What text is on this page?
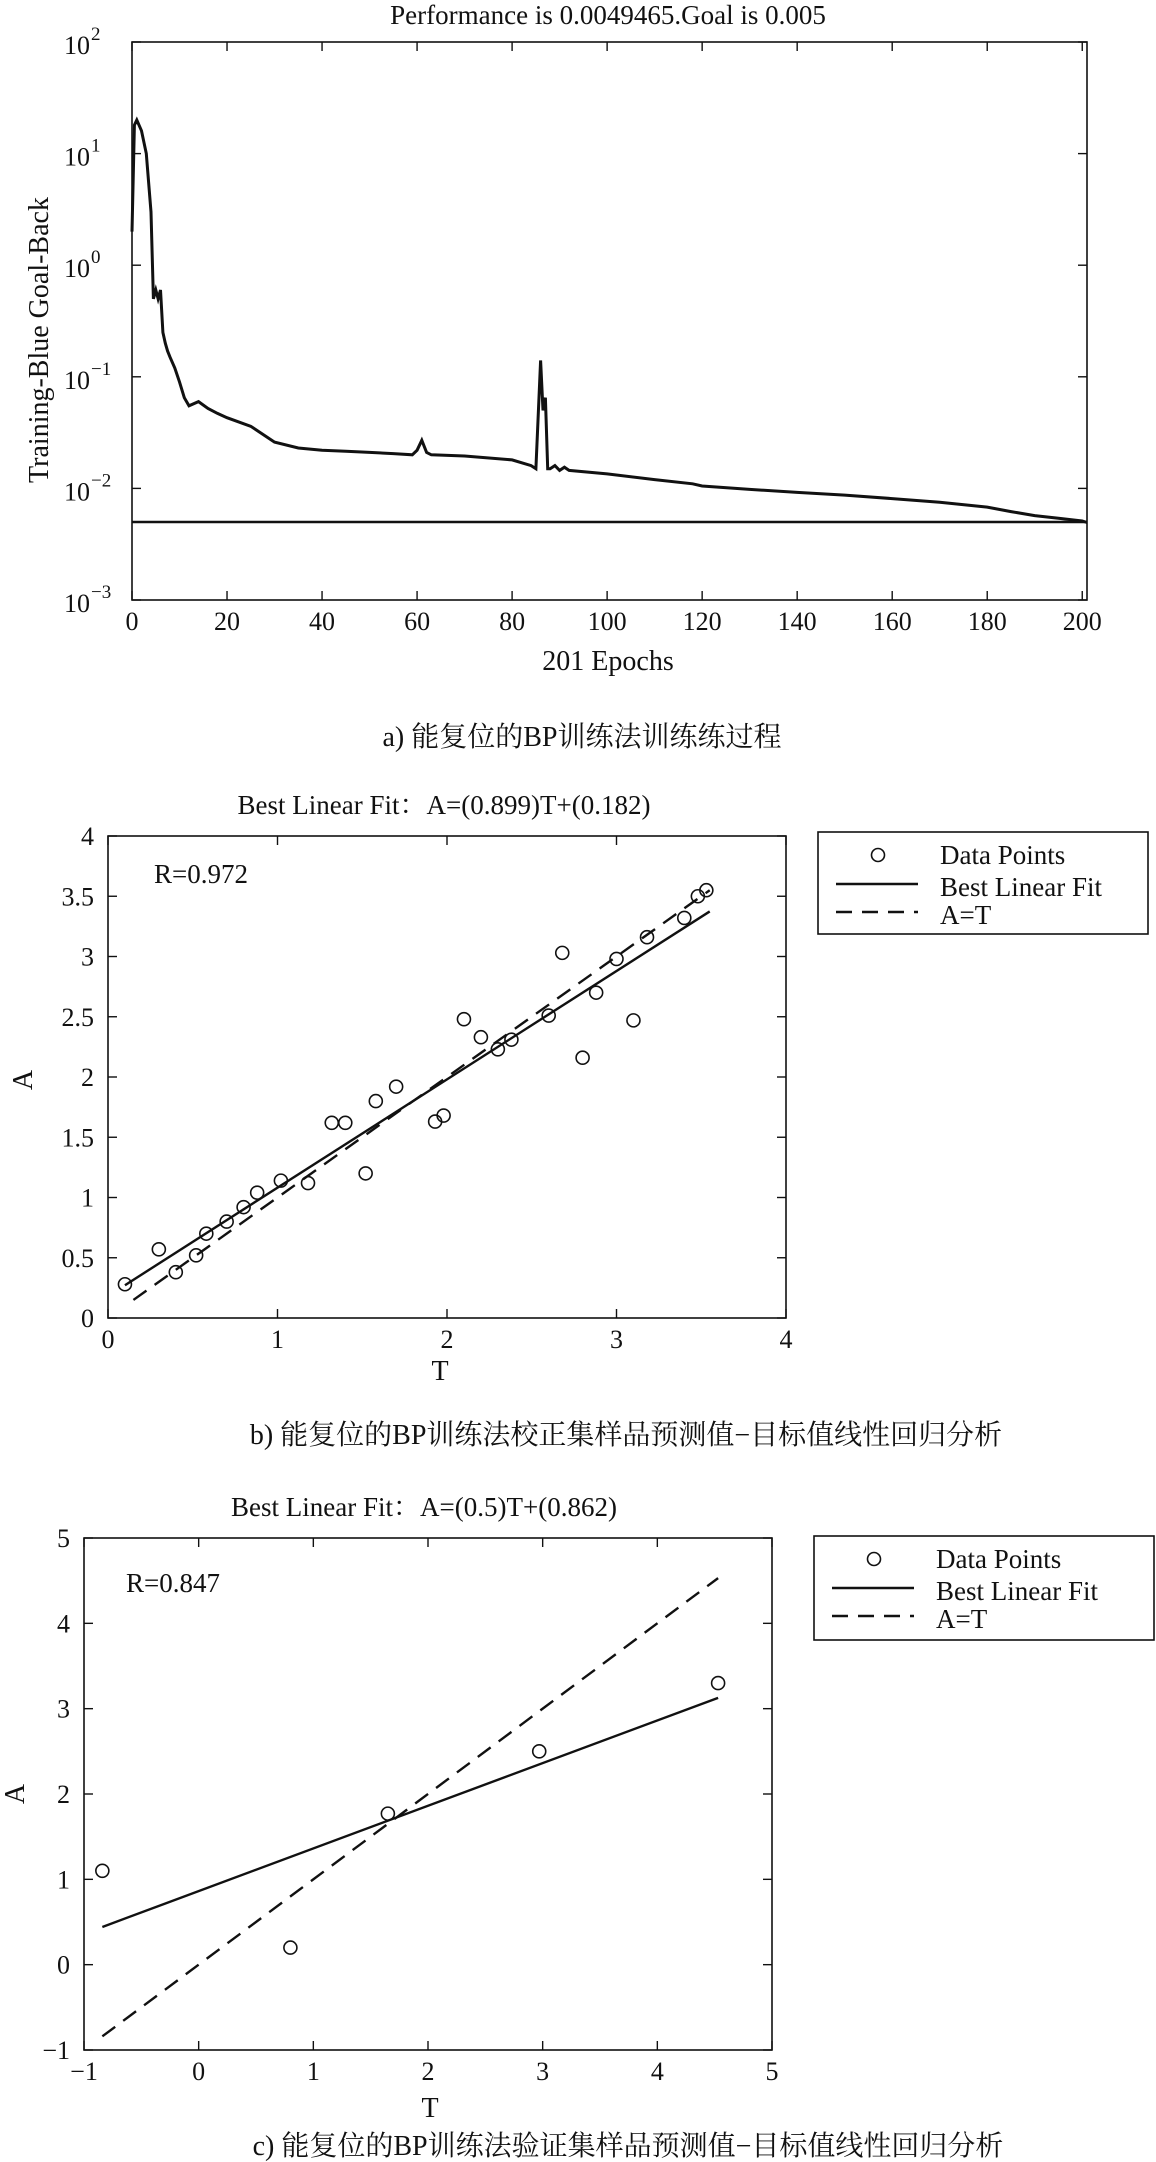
Performance is 0.0049465.Goal is 0.005
0	20	40	60	80 100 120 140 160 180 200
10 2
10 1
10 0
10 −1
10 −2
10 −3
201 Epochs
Training-Blue Goal-Back
a) 能复位的BP训练法训练练过程
Best Linear Fit：A=(0.899)T+(0.182)
0	1	2	3	4
0
0.5
1
1.5
2
2.5
3
3.5
4
R=0.972
T
A
Data Points
Best Linear Fit
A=T
b) 能复位的BP训练法校正集样品预测值−目标值线性回归分析
Best Linear Fit：A=(0.5)T+(0.862)
−1	0	1	2	3	4	5
−1
0
1
2
3
4
5
R=0.847
T
A
Data Points
Best Linear Fit
A=T
c) 能复位的BP训练法验证集样品预测值−目标值线性回归分析
